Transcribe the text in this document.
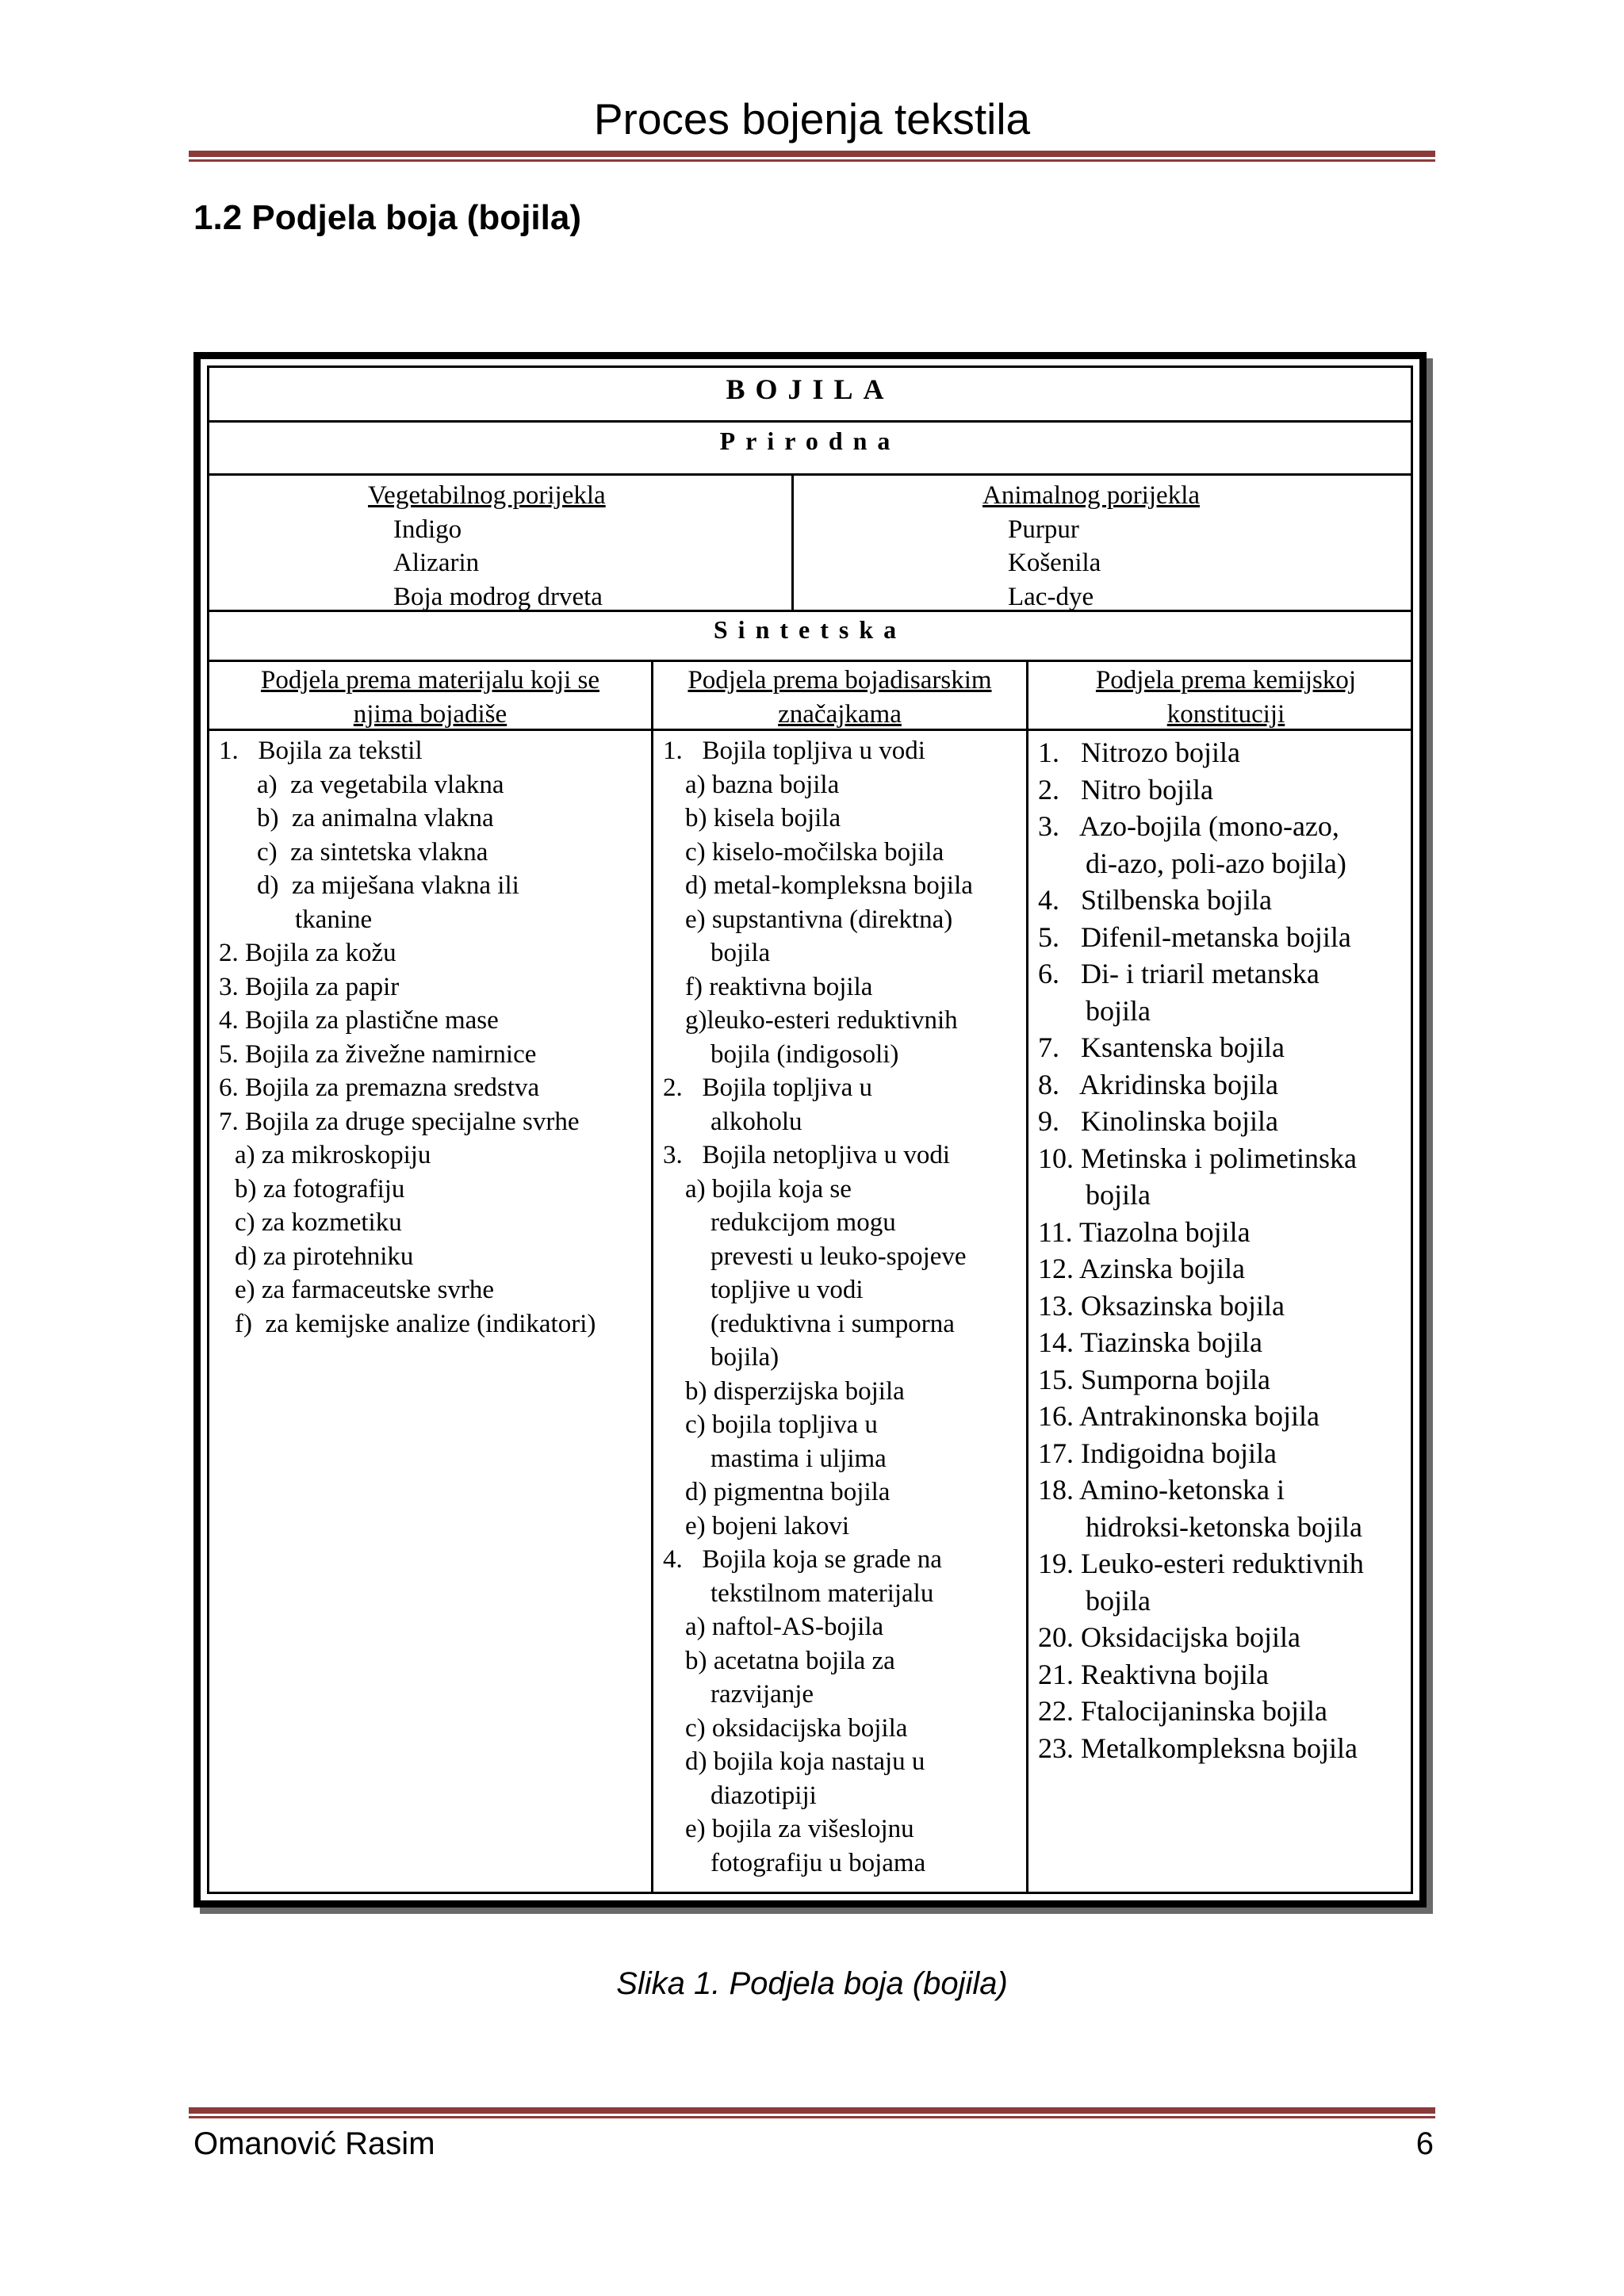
Proces bojenja tekstila
1.2 Podjela boja (bojila)
BOJILA
Prirodna
Vegetabilnog porijekla
Indigo
Alizarin
Boja modrog drveta
Animalnog porijekla
Purpur
Košenila
Lac-dye
Sintetska
Podjela prema materijalu koji se
njima bojadiše
Podjela prema bojadisarskim
značajkama
Podjela prema kemijskoj
konstituciji
1.   Bojila za tekstil
a)  za vegetabila vlakna
b)  za animalna vlakna
c)  za sintetska vlakna
d)  za miješana vlakna ili
tkanine
2. Bojila za kožu
3. Bojila za papir
4. Bojila za plastične mase
5. Bojila za živežne namirnice
6. Bojila za premazna sredstva
7. Bojila za druge specijalne svrhe
a) za mikroskopiju
b) za fotografiju
c) za kozmetiku
d) za pirotehniku
e) za farmaceutske svrhe
f)  za kemijske analize (indikatori)
1.   Bojila topljiva u vodi
a) bazna bojila
b) kisela bojila
c) kiselo-močilska bojila
d) metal-kompleksna bojila
e) supstantivna (direktna)
bojila
f) reaktivna bojila
g)leuko-esteri reduktivnih
bojila (indigosoli)
2.   Bojila topljiva u
alkoholu
3.   Bojila netopljiva u vodi
a) bojila koja se
redukcijom mogu
prevesti u leuko-spojeve
topljive u vodi
(reduktivna i sumporna
bojila)
b) disperzijska bojila
c) bojila topljiva u
mastima i uljima
d) pigmentna bojila
e) bojeni lakovi
4.   Bojila koja se grade na
tekstilnom materijalu
a) naftol-AS-bojila
b) acetatna bojila za
razvijanje
c) oksidacijska bojila
d) bojila koja nastaju u
diazotipiji
e) bojila za višeslojnu
fotografiju u bojama
1.   Nitrozo bojila
2.   Nitro bojila
3.   Azo-bojila (mono-azo,
di-azo, poli-azo bojila)
4.   Stilbenska bojila
5.   Difenil-metanska bojila
6.   Di- i triaril metanska
bojila
7.   Ksantenska bojila
8.   Akridinska bojila
9.   Kinolinska bojila
10. Metinska i polimetinska
bojila
11. Tiazolna bojila
12. Azinska bojila
13. Oksazinska bojila
14. Tiazinska bojila
15. Sumporna bojila
16. Antrakinonska bojila
17. Indigoidna bojila
18. Amino-ketonska i
hidroksi-ketonska bojila
19. Leuko-esteri reduktivnih
bojila
20. Oksidacijska bojila
21. Reaktivna bojila
22. Ftalocijaninska bojila
23. Metalkompleksna bojila
Slika 1. Podjela boja (bojila)
Omanović Rasim	6
